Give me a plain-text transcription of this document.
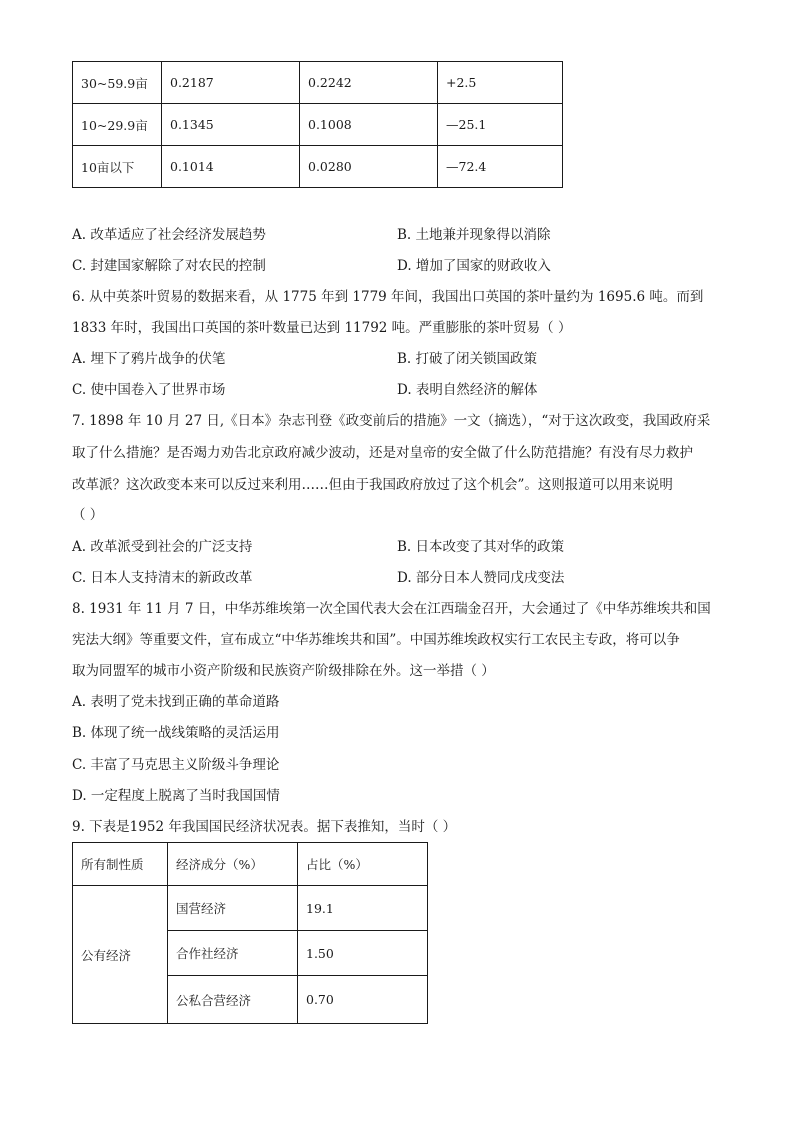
30~59.9亩	0.2187	0.2242	+2.5
10~29.9亩	0.1345	0.1008	—25.1
10亩以下	0.1014	0.0280	—72.4
A. 改革适应了社会经济发展趋势	B. 土地兼并现象得以消除
C. 封建国家解除了对农民的控制	D. 增加了国家的财政收入
6. 从中英茶叶贸易的数据来看，从 1775 年到 1779 年间，我国出口英国的茶叶量约为 1695.6 吨。而到
1833 年时，我国出口英国的茶叶数量已达到 11792 吨。严重膨胀的茶叶贸易（ ）
A. 埋下了鸦片战争的伏笔	B. 打破了闭关锁国政策
C. 使中国卷入了世界市场	D. 表明自然经济的解体
7. 1898 年 10 月 27 日,《日本》杂志刊登《政变前后的措施》一文（摘选），“对于这次政变，我国政府采
取了什么措施？是否竭力劝告北京政府减少波动，还是对皇帝的安全做了什么防范措施？有没有尽力救护
改革派？这次政变本来可以反过来利用……但由于我国政府放过了这个机会”。这则报道可以用来说明
（ ）
A. 改革派受到社会的广泛支持	B. 日本改变了其对华的政策
C. 日本人支持清末的新政改革	D. 部分日本人赞同戊戌变法
8. 1931 年 11 月 7 日，中华苏维埃第一次全国代表大会在江西瑞金召开，大会通过了《中华苏维埃共和国
宪法大纲》等重要文件，宣布成立“中华苏维埃共和国”。中国苏维埃政权实行工农民主专政，将可以争
取为同盟军的城市小资产阶级和民族资产阶级排除在外。这一举措（ ）
A. 表明了党未找到正确的革命道路
B. 体现了统一战线策略的灵活运用
C. 丰富了马克思主义阶级斗争理论
D. 一定程度上脱离了当时我国国情
9. 下表是1952 年我国国民经济状况表。据下表推知，当时（ ）
所有制性质	经济成分（%）	占比（%）
公有经济	国营经济	19.1
	合作社经济	1.50
	公私合营经济	0.70
